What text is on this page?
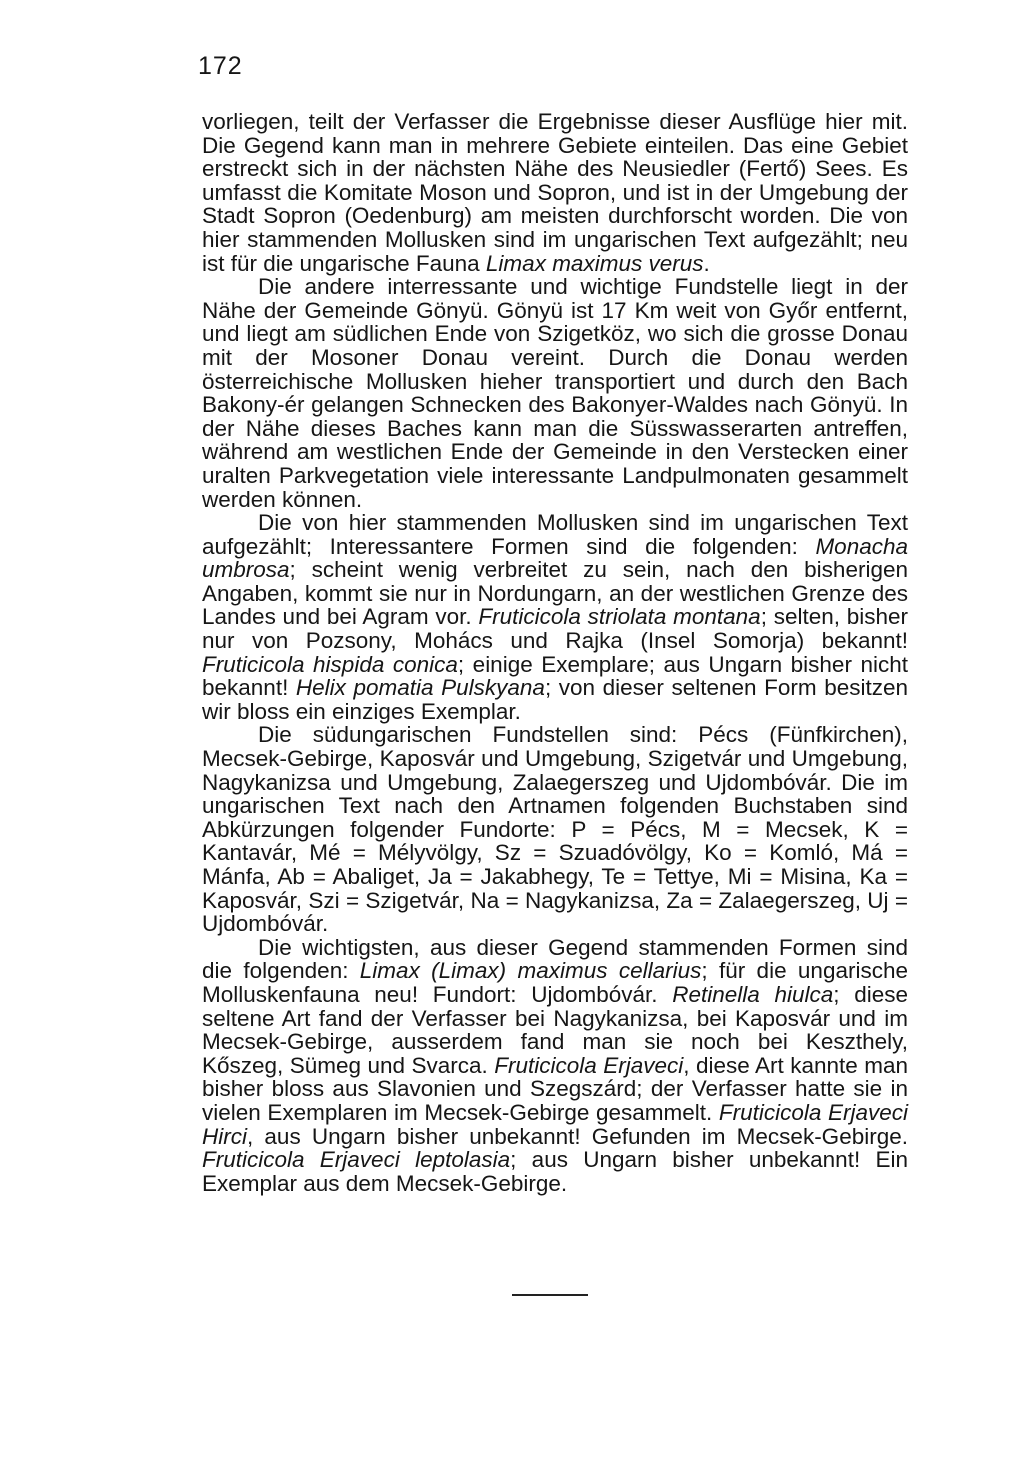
172

vorliegen, teilt der Verfasser die Ergebnisse dieser Ausflüge hier mit. Die Gegend kann man in mehrere Gebiete einteilen. Das eine Gebiet erstreckt sich in der nächsten Nähe des Neusiedler (Fertő) Sees. Es umfasst die Komitate Moson und Sopron, und ist in der Umgebung der Stadt Sopron (Oedenburg) am meisten durchforscht worden. Die von hier stammenden Mollusken sind im ungarischen Text aufgezählt; neu ist für die ungarische Fauna Limax maximus verus.

Die andere interressante und wichtige Fundstelle liegt in der Nähe der Gemeinde Gönyü. Gönyü ist 17 Km weit von Győr entfernt, und liegt am südlichen Ende von Szigetköz, wo sich die grosse Donau mit der Mosoner Donau vereint. Durch die Donau werden österreichische Mollusken hieher transportiert und durch den Bach Bakony-ér gelangen Schnecken des Bakonyer-Waldes nach Gönyü. In der Nähe dieses Baches kann man die Süsswasserarten antreffen, während am westlichen Ende der Gemeinde in den Verstecken einer uralten Parkvegetation viele interessante Landpulmonaten gesammelt werden können.

Die von hier stammenden Mollusken sind im ungarischen Text aufgezählt; Interessantere Formen sind die folgenden: Monacha umbrosa; scheint wenig verbreitet zu sein, nach den bisherigen Angaben, kommt sie nur in Nordungarn, an der westlichen Grenze des Landes und bei Agram vor. Fruticicola striolata montana; selten, bisher nur von Pozsony, Mohács und Rajka (Insel Somorja) bekannt! Fruticicola hispida conica; einige Exemplare; aus Ungarn bisher nicht bekannt! Helix pomatia Pulskyana; von dieser seltenen Form besitzen wir bloss ein einziges Exemplar.

Die südungarischen Fundstellen sind: Pécs (Fünfkirchen), Mecsek-Gebirge, Kaposvár und Umgebung, Szigetvár und Umgebung, Nagykanizsa und Umgebung, Zalaegerszeg und Ujdombóvár. Die im ungarischen Text nach den Artnamen folgenden Buchstaben sind Abkürzungen folgender Fundorte: P = Pécs, M = Mecsek, K = Kantavár, Mé = Mélyvölgy, Sz = Szuadóvölgy, Ko = Komló, Má = Mánfa, Ab = Abaliget, Ja = Jakabhegy, Te = Tettye, Mi = Misina, Ka = Kaposvár, Szi = Szigetvár, Na = Nagykanizsa, Za = Zalaegerszeg, Uj = Ujdombóvár.

Die wichtigsten, aus dieser Gegend stammenden Formen sind die folgenden: Limax (Limax) maximus cellarius; für die ungarische Molluskenfauna neu! Fundort: Ujdombóvár. Retinella hiulca; diese seltene Art fand der Verfasser bei Nagykanizsa, bei Kaposvár und im Mecsek-Gebirge, ausserdem fand man sie noch bei Keszthely, Kőszeg, Sümeg und Svarca. Fruticicola Erjaveci, diese Art kannte man bisher bloss aus Slavonien und Szegszárd; der Verfasser hatte sie in vielen Exemplaren im Mecsek-Gebirge gesammelt. Fruticicola Erjaveci Hirci, aus Ungarn bisher unbekannt! Gefunden im Mecsek-Gebirge. Fruticicola Erjaveci leptolasia; aus Ungarn bisher unbekannt! Ein Exemplar aus dem Mecsek-Gebirge.
